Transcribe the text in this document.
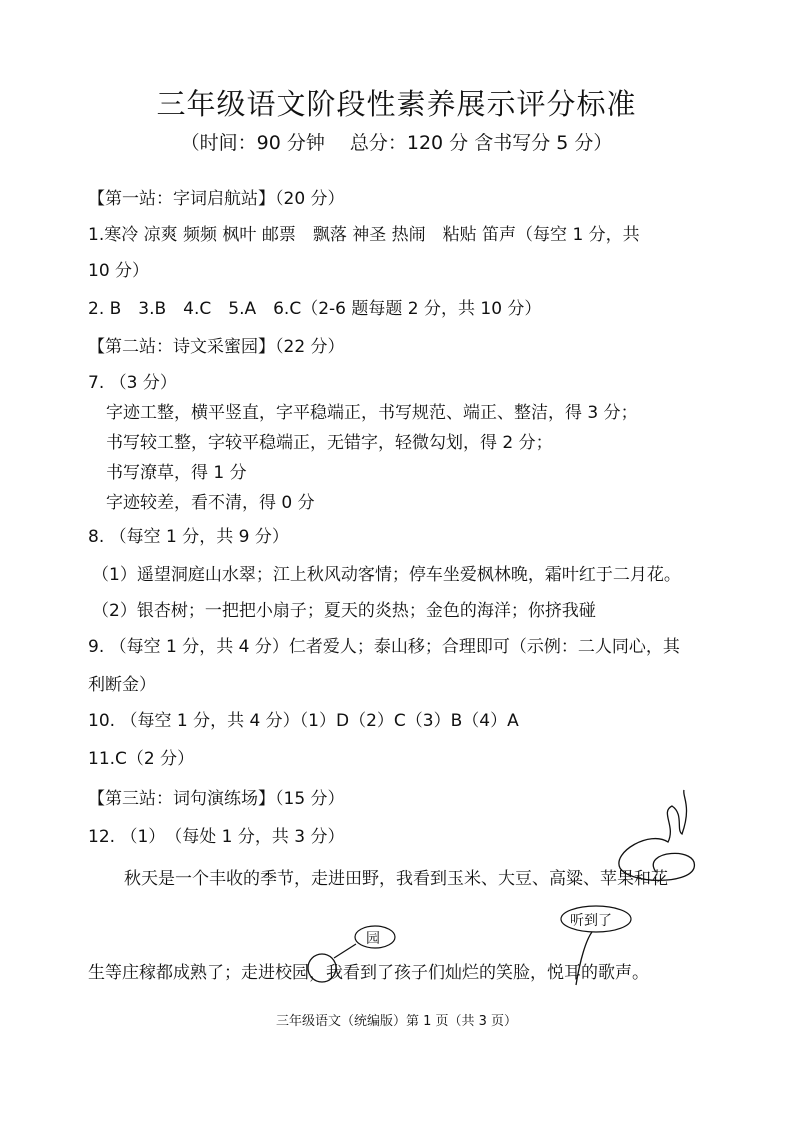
三年级语文阶段性素养展示评分标准
（时间：90 分钟　 总分：120 分 含书写分 5 分）
【第一站：字词启航站】（20 分）
1.寒冷 凉爽 频频 枫叶 邮票　飘落 神圣 热闹　粘贴 笛声（每空 1 分，共
10 分）
2. B　3.B　4.C　5.A　6.C（2-6 题每题 2 分，共 10 分）
【第二站：诗文采蜜园】（22 分）
7. （3 分）
字迹工整，横平竖直，字平稳端正，书写规范、端正、整洁，得 3 分；
书写较工整，字较平稳端正，无错字，轻微勾划，得 2 分；
书写潦草，得 1 分
字迹较差，看不清，得 0 分
8. （每空 1 分，共 9 分）
（1）遥望洞庭山水翠；江上秋风动客情；停车坐爱枫林晚，霜叶红于二月花。
（2）银杏树；一把把小扇子；夏天的炎热；金色的海洋；你挤我碰
9. （每空 1 分，共 4 分）仁者爱人；泰山移；合理即可（示例：二人同心，其
利断金）
10. （每空 1 分，共 4 分）（1）D（2）C（3）B（4）A
11.C（2 分）
【第三站：词句演练场】（15 分）
12. （1）　（每处 1 分，共 3 分）
秋天是一个丰收的季节，走进田野，我看到玉米、大豆、高粱、苹果和花
生等庄稼都成熟了；走进校园，我看到了孩子们灿烂的笑脸，悦耳的歌声。
园
听到了
三年级语文（统编版）第 1 页（共 3 页）
